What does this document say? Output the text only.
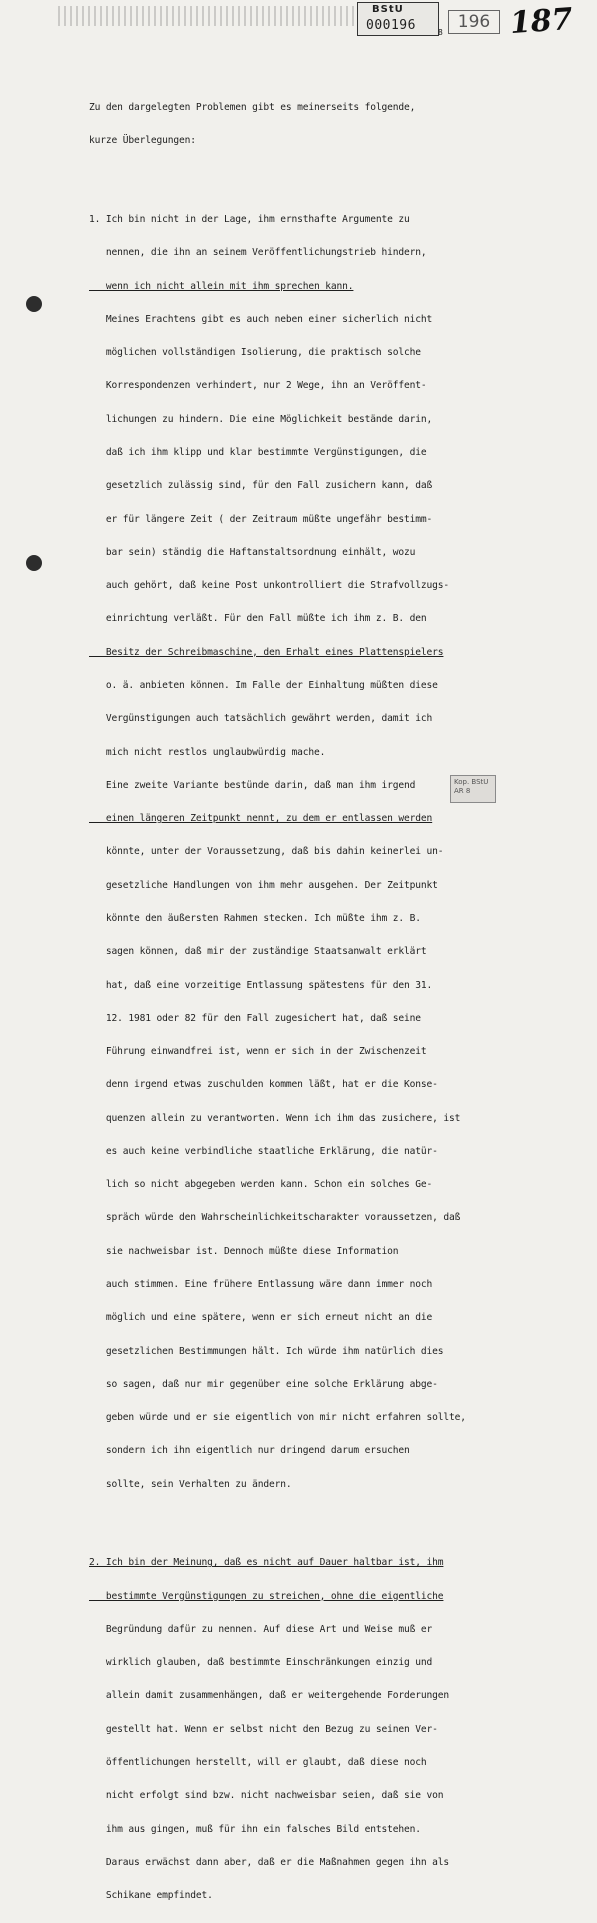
BStU
000196	196
8 187

Zu den dargelegten Problemen gibt es meinerseits folgende,

kurze Überlegungen:

1. Ich bin nicht in der Lage, ihm ernsthafte Argumente zu

nennen, die ihn an seinem Veröffentlichungstrieb hindern,

wenn ich nicht allein mit ihm sprechen kann.

Meines Erachtens gibt es auch neben einer sicherlich nicht

möglichen vollständigen Isolierung, die praktisch solche

Korrespondenzen verhindert, nur 2 Wege, ihn an Veröffent-

lichungen zu hindern. Die eine Möglichkeit bestände darin,

daß ich ihm klipp und klar bestimmte Vergünstigungen, die

gesetzlich zulässig sind, für den Fall zusichern kann, daß

er für längere Zeit ( der Zeitraum müßte ungefähr bestimm-

bar sein) ständig die Haftanstaltsordnung einhält, wozu

auch gehört, daß keine Post unkontrolliert die Strafvollzugs-

einrichtung verläßt. Für den Fall müßte ich ihm z. B. den

Besitz der Schreibmaschine, den Erhalt eines Plattenspielers

o. ä. anbieten können. Im Falle der Einhaltung müßten diese

Vergünstigungen auch tatsächlich gewährt werden, damit ich

mich nicht restlos unglaubwürdig mache.

Eine zweite Variante bestünde darin, daß man ihm irgend

einen längeren Zeitpunkt nennt, zu dem er entlassen werden

könnte, unter der Voraussetzung, daß bis dahin keinerlei un-

gesetzliche Handlungen von ihm mehr ausgehen. Der Zeitpunkt

könnte den äußersten Rahmen stecken. Ich müßte ihm z. B.

sagen können, daß mir der zuständige Staatsanwalt erklärt

hat, daß eine vorzeitige Entlassung spätestens für den 31.

12. 1981 oder 82 für den Fall zugesichert hat, daß seine

Führung einwandfrei ist, wenn er sich in der Zwischenzeit

denn irgend etwas zuschulden kommen läßt, hat er die Konse-

quenzen allein zu verantworten. Wenn ich ihm das zusichere, ist

es auch keine verbindliche staatliche Erklärung, die natür-

lich so nicht abgegeben werden kann. Schon ein solches Ge-

spräch würde den Wahrscheinlichkeitscharakter voraussetzen, daß

sie nachweisbar ist. Dennoch müßte diese Information

auch stimmen. Eine frühere Entlassung wäre dann immer noch

möglich und eine spätere, wenn er sich erneut nicht an die

gesetzlichen Bestimmungen hält. Ich würde ihm natürlich dies

so sagen, daß nur mir gegenüber eine solche Erklärung abge-

geben würde und er sie eigentlich von mir nicht erfahren sollte,

sondern ich ihn eigentlich nur dringend darum ersuchen

sollte, sein Verhalten zu ändern.

2. Ich bin der Meinung, daß es nicht auf Dauer haltbar ist, ihm

bestimmte Vergünstigungen zu streichen, ohne die eigentliche

Begründung dafür zu nennen. Auf diese Art und Weise muß er

wirklich glauben, daß bestimmte Einschränkungen einzig und

allein damit zusammenhängen, daß er weitergehende Forderungen

gestellt hat. Wenn er selbst nicht den Bezug zu seinen Ver-

öffentlichungen herstellt, will er glaubt, daß diese noch

nicht erfolgt sind bzw. nicht nachweisbar seien, daß sie von

ihm aus gingen, muß für ihn ein falsches Bild entstehen.

Daraus erwächst dann aber, daß er die Maßnahmen gegen ihn als

Schikane empfindet.

Kop. BStU
AR 8
